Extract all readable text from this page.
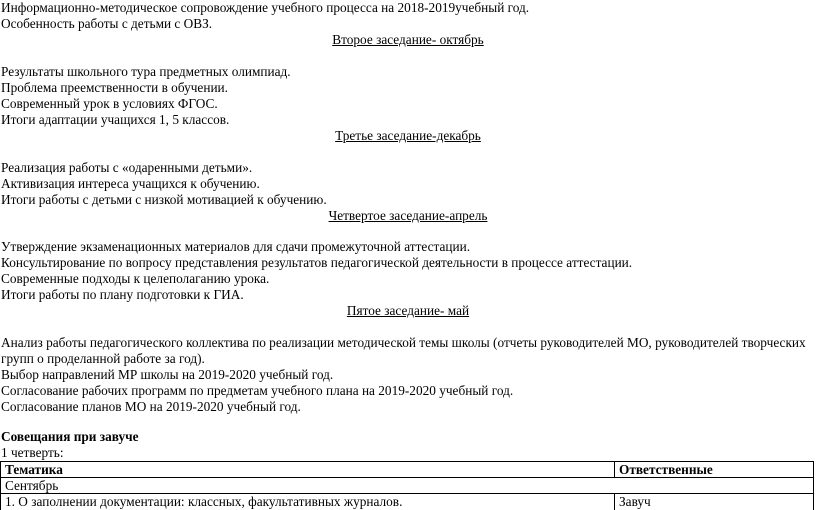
Информационно-методическое сопровождение учебного процесса на 2018-2019учебный год.
Особенность работы с детьми с ОВЗ.
Второе заседание- октябрь
Результаты школьного тура предметных олимпиад.
Проблема преемственности в обучении.
Современный урок в условиях ФГОС.
Итоги адаптации учащихся 1, 5 классов.
Третье заседание-декабрь
Реализация работы с «одаренными детьми».
Активизация интереса учащихся к обучению.
Итоги работы с детьми с низкой мотивацией к обучению.
Четвертое заседание-апрель
Утверждение экзаменационных материалов для сдачи промежуточной аттестации.
Консультирование по вопросу представления результатов педагогической деятельности в процессе аттестации.
Современные подходы к целеполаганию урока.
Итоги работы по плану подготовки к ГИА.
Пятое заседание- май
Анализ работы педагогического коллектива по реализации методической темы школы (отчеты руководителей МО, руководителей творческих
групп о проделанной работе за год).
Выбор направлений МР школы на 2019-2020 учебный год.
Согласование рабочих программ по предметам учебного плана на 2019-2020 учебный год.
Согласование планов МО на 2019-2020 учебный год.
Совещания при завуче
1 четверть:
Тематика	Ответственные
Сентябрь	
1. О заполнении документации: классных, факультативных журналов.	Завуч
